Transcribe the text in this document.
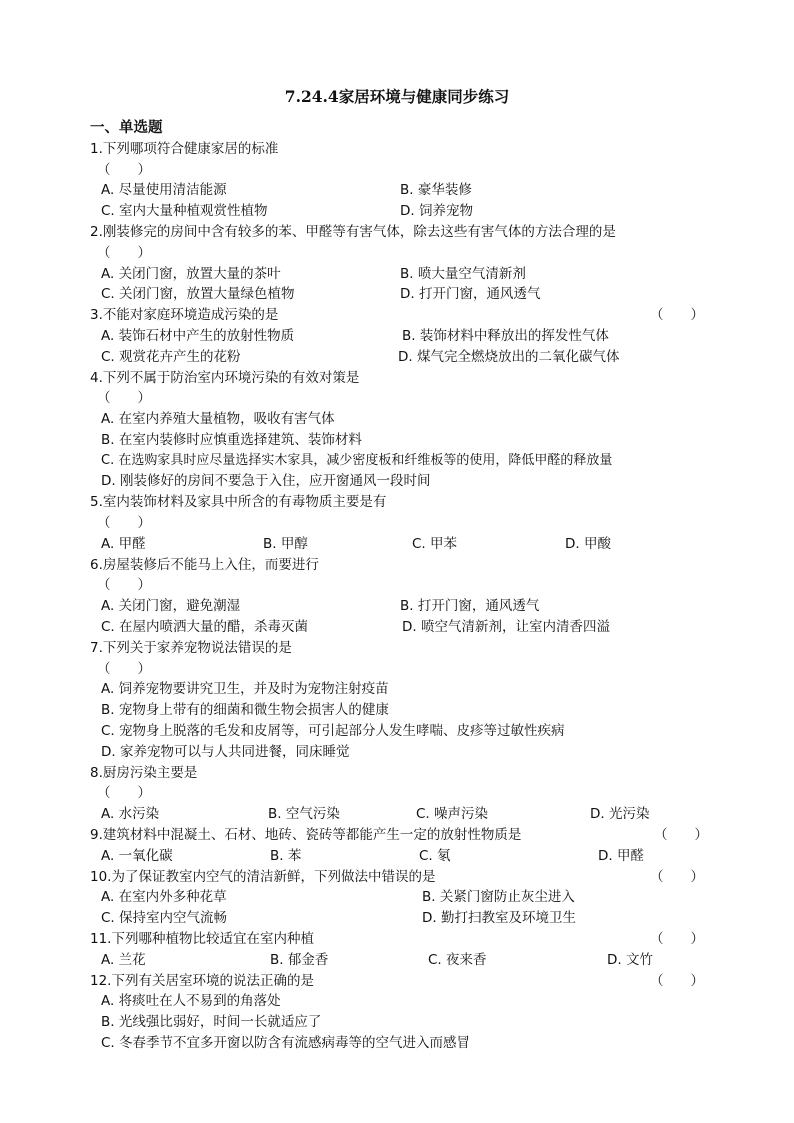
7.24.4家居环境与健康同步练习
一、单选题
1.下列哪项符合健康家居的标准
（　　）
A. 尽量使用清洁能源	B. 豪华装修
C. 室内大量种植观赏性植物	D. 饲养宠物
2.刚装修完的房间中含有较多的苯、甲醛等有害气体，除去这些有害气体的方法合理的是
（　　）
A. 关闭门窗，放置大量的茶叶	B. 喷大量空气清新剂
C. 关闭门窗，放置大量绿色植物	D. 打开门窗，通风透气
3.不能对家庭环境造成污染的是	（　　）
A. 装饰石材中产生的放射性物质	B. 装饰材料中释放出的挥发性气体
C. 观赏花卉产生的花粉	D. 煤气完全燃烧放出的二氧化碳气体
4.下列不属于防治室内环境污染的有效对策是
（　　）
A. 在室内养殖大量植物，吸收有害气体
B. 在室内装修时应慎重选择建筑、装饰材料
C. 在选购家具时应尽量选择实木家具，减少密度板和纤维板等的使用，降低甲醛的释放量
D. 刚装修好的房间不要急于入住，应开窗通风一段时间
5.室内装饰材料及家具中所含的有毒物质主要是有
（　　）
A. 甲醛	B. 甲醇	C. 甲苯	D. 甲酸
6.房屋装修后不能马上入住，而要进行
（　　）
A. 关闭门窗，避免潮湿	B. 打开门窗，通风透气
C. 在屋内喷洒大量的醋，杀毒灭菌	D. 喷空气清新剂，让室内清香四溢
7.下列关于家养宠物说法错误的是
（　　）
A. 饲养宠物要讲究卫生，并及时为宠物注射疫苗
B. 宠物身上带有的细菌和微生物会损害人的健康
C. 宠物身上脱落的毛发和皮屑等，可引起部分人发生哮喘、皮疹等过敏性疾病
D. 家养宠物可以与人共同进餐，同床睡觉
8.厨房污染主要是
（　　）
A. 水污染	B. 空气污染	C. 噪声污染	D. 光污染
9.建筑材料中混凝土、石材、地砖、瓷砖等都能产生一定的放射性物质是	（　　）
A. 一氧化碳	B. 苯	C. 氡	D. 甲醛
10.为了保证教室内空气的清洁新鲜，下列做法中错误的是	（　　）
A. 在室内外多种花草	B. 关紧门窗防止灰尘进入
C. 保持室内空气流畅	D. 勤打扫教室及环境卫生
11.下列哪种植物比较适宜在室内种植	（　　）
A. 兰花	B. 郁金香	C. 夜来香	D. 文竹
12.下列有关居室环境的说法正确的是	（　　）
A. 将痰吐在人不易到的角落处
B. 光线强比弱好，时间一长就适应了
C. 冬春季节不宜多开窗以防含有流感病毒等的空气进入而感冒
